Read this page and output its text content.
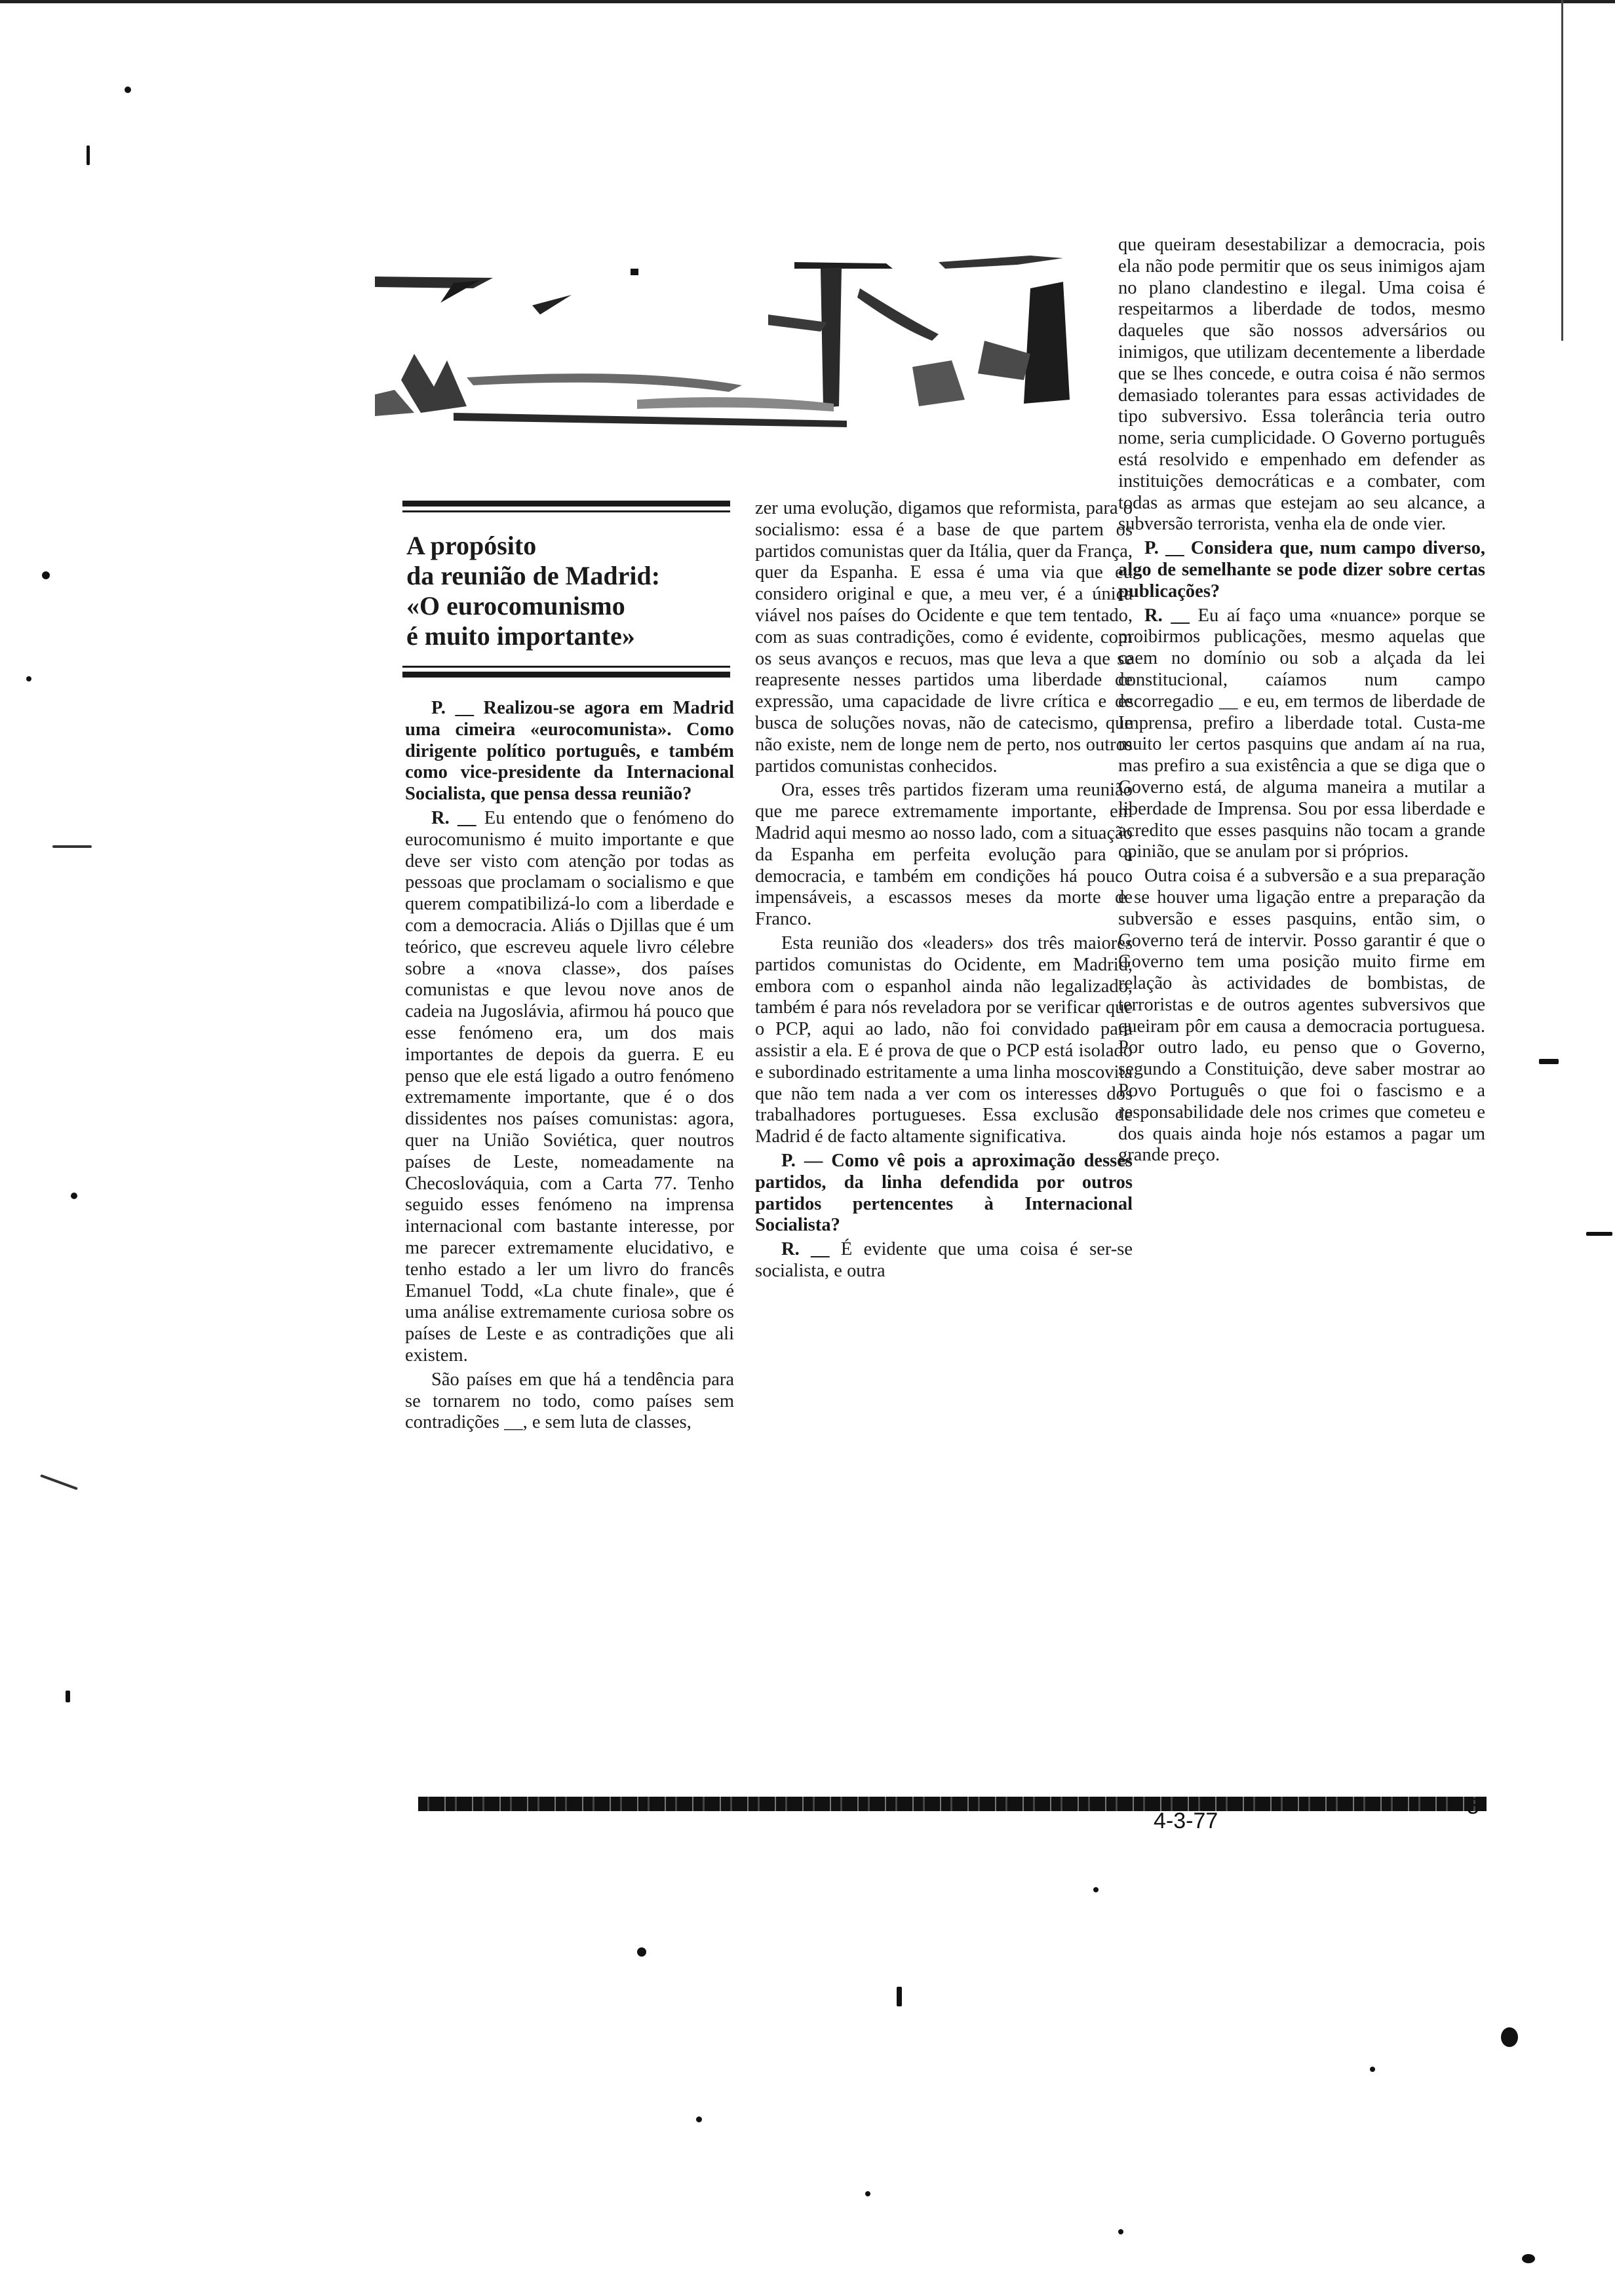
A propósito
da reunião de Madrid:
«O eurocomunismo
é muito importante»

P. __ Realizou-se agora em Madrid uma cimeira «eurocomunista». Como dirigente político português, e também como vice-presidente da Internacional Socialista, que pensa dessa reunião?

R. __ Eu entendo que o fenómeno do eurocomunismo é muito importante e que deve ser visto com atenção por todas as pessoas que proclamam o socialismo e que querem compatibilizá-lo com a liberdade e com a democracia. Aliás o Djillas que é um teórico, que escreveu aquele livro célebre sobre a «nova classe», dos países comunistas e que levou nove anos de cadeia na Jugoslávia, afirmou há pouco que esse fenómeno era, um dos mais importantes de depois da guerra. E eu penso que ele está ligado a outro fenómeno extremamente importante, que é o dos dissidentes nos países comunistas: agora, quer na União Soviética, quer noutros países de Leste, nomeadamente na Checoslováquia, com a Carta 77. Tenho seguido esses fenómeno na imprensa internacional com bastante interesse, por me parecer extremamente elucidativo, e tenho estado a ler um livro do francês Emanuel Todd, «La chute finale», que é uma análise extremamente curiosa sobre os países de Leste e as contradições que ali existem.

São países em que há a tendência para se tornarem no todo, como países sem contradições __, e sem luta de classes,

zer uma evolução, digamos que reformista, para o socialismo: essa é a base de que partem os partidos comunistas quer da Itália, quer da França, quer da Espanha. E essa é uma via que eu considero original e que, a meu ver, é a única viável nos países do Ocidente e que tem tentado, com as suas contradições, como é evidente, com os seus avanços e recuos, mas que leva a que se reapresente nesses partidos uma liberdade de expressão, uma capacidade de livre crítica e de busca de soluções novas, não de catecismo, que não existe, nem de longe nem de perto, nos outros partidos comunistas conhecidos.

Ora, esses três partidos fizeram uma reunião que me parece extremamente importante, em Madrid aqui mesmo ao nosso lado, com a situação da Espanha em perfeita evolução para a democracia, e também em condições há pouco impensáveis, a escassos meses da morte de Franco.

Esta reunião dos «leaders» dos três maiores partidos comunistas do Ocidente, em Madrid, embora com o espanhol ainda não legalizado, também é para nós reveladora por se verificar que o PCP, aqui ao lado, não foi convidado para assistir a ela. E é prova de que o PCP está isolado e subordinado estritamente a uma linha moscovita que não tem nada a ver com os interesses dos trabalhadores portugueses. Essa exclusão de Madrid é de facto altamente significativa.

P. — Como vê pois a aproximação desses partidos, da linha defendida por outros partidos pertencentes à Internacional Socialista?

R. __ É evidente que uma coisa é ser-se socialista, e outra

que queiram desestabilizar a democracia, pois ela não pode permitir que os seus inimigos ajam no plano clandestino e ilegal. Uma coisa é respeitarmos a liberdade de todos, mesmo daqueles que são nossos adversários ou inimigos, que utilizam decentemente a liberdade que se lhes concede, e outra coisa é não sermos demasiado tolerantes para essas actividades de tipo subversivo. Essa tolerância teria outro nome, seria cumplicidade. O Governo português está resolvido e empenhado em defender as instituições democráticas e a combater, com todas as armas que estejam ao seu alcance, a subversão terrorista, venha ela de onde vier.

P. __ Considera que, num campo diverso, algo de semelhante se pode dizer sobre certas publicações?

R. __ Eu aí faço uma «nuance» porque se proibirmos publicações, mesmo aquelas que caem no domínio ou sob a alçada da lei constitucional, caíamos num campo escorregadio __ e eu, em termos de liberdade de Imprensa, prefiro a liberdade total. Custa-me muito ler certos pasquins que andam aí na rua, mas prefiro a sua existência a que se diga que o Governo está, de alguma maneira a mutilar a liberdade de Imprensa. Sou por essa liberdade e acredito que esses pasquins não tocam a grande opinião, que se anulam por si próprios.

Outra coisa é a subversão e a sua preparação e se houver uma ligação entre a preparação da subversão e esses pasquins, então sim, o Governo terá de intervir. Posso garantir é que o Governo tem uma posição muito firme em relação às actividades de bombistas, de terroristas e de outros agentes subversivos que queiram pôr em causa a democracia portuguesa. Por outro lado, eu penso que o Governo, segundo a Constituição, deve saber mostrar ao Povo Português o que foi o fascismo e a responsabilidade dele nos crimes que cometeu e dos quais ainda hoje nós estamos a pagar um grande preço.

4-3-77
5
